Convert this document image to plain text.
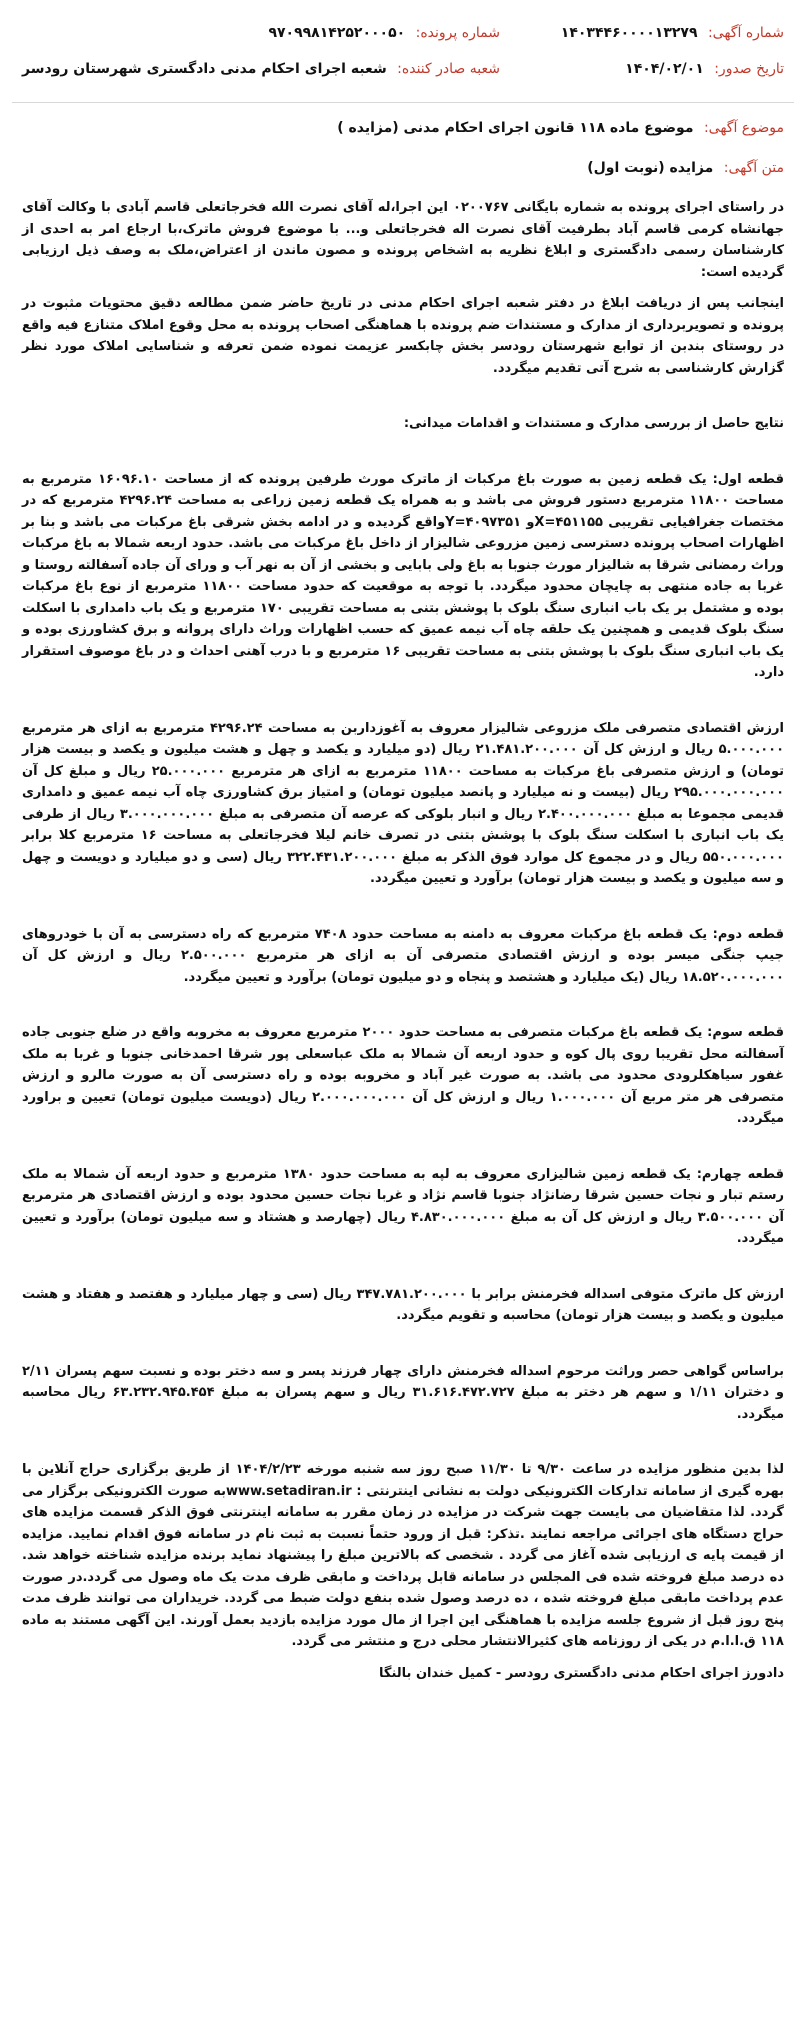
شماره آگهی: ۱۴۰۳۴۴۶۰۰۰۰۱۳۲۷۹
شماره پرونده: ۹۷۰۹۹۸۱۴۲۵۲۰۰۰۵۰
تاریخ صدور: ۱۴۰۴/۰۲/۰۱
شعبه صادر کننده: شعبه اجرای احکام مدنی دادگستری شهرستان رودسر
موضوع آگهی: موضوع ماده ۱۱۸ قانون اجرای احکام مدنی (مزایده )
متن آگهی: مزایده (نوبت اول)

در راستای اجرای پرونده به شماره بایگانی ۰۲۰۰۷۶۷ این اجرا،له آقای نصرت الله فخرجاتعلی قاسم آبادی با وکالت آقای جهانشاه کرمی قاسم آباد بطرفیت آقای نصرت اله فخرجاتعلی و... با موضوع فروش ماترک،با ارجاع امر به احدی از کارشناسان رسمی دادگستری و ابلاغ نظریه به اشخاص پرونده و مصون ماندن از اعتراض،ملک به وصف ذیل ارزیابی گردیده است:

اینجانب پس از دریافت ابلاغ در دفتر شعبه اجرای احکام مدنی در تاریخ حاضر ضمن مطالعه دقیق محتویات مثبوت در پرونده و تصویربرداری از مدارک و مستندات ضم پرونده با هماهنگی اصحاب پرونده به محل وقوع املاک متنازع فیه واقع در روستای بندبن از توابع شهرستان رودسر بخش چابکسر عزیمت نموده ضمن تعرفه و شناسایی املاک مورد نظر گزارش کارشناسی به شرح آتی تقدیم میگردد.

نتایج حاصل از بررسی مدارک و مستندات و اقدامات میدانی:

قطعه اول: یک قطعه زمین به صورت باغ مرکبات از ماترک مورث طرفین پرونده که از مساحت ۱۶۰۹۶.۱۰ مترمربع به مساحت ۱۱۸۰۰ مترمربع دستور فروش می باشد و به همراه یک قطعه زمین زراعی به مساحت ۴۲۹۶.۲۴ مترمربع که در مختصات جغرافیایی تقریبی X=۴۵۱۱۵۵و Y=۴۰۹۷۳۵۱واقع گردیده و در ادامه بخش شرقی باغ مرکبات می باشد و بنا بر اظهارات اصحاب پرونده دسترسی زمین مزروعی شالیزار از داخل باغ مرکبات می باشد. حدود اربعه شمالا به باغ مرکبات وراث رمضانی شرقا به شالیزار مورث جنوبا به باغ ولی بابایی و بخشی از آن به نهر آب و ورای آن جاده آسفالته روستا و غربا به جاده منتهی به چایچان محدود میگردد. با توجه به موقعیت که حدود مساحت ۱۱۸۰۰ مترمربع از نوع باغ مرکبات بوده و مشتمل بر یک باب انباری سنگ بلوک با پوشش بتنی به مساحت تقریبی ۱۷۰ مترمربع و یک باب دامداری با اسکلت سنگ بلوک قدیمی و همچنین یک حلقه چاه آب نیمه عمیق که حسب اظهارات وراث دارای پروانه و برق کشاورزی بوده و یک باب انباری سنگ بلوک با پوشش بتنی به مساحت تقریبی ۱۶ مترمربع و با درب آهنی احداث و در باغ موصوف استقرار دارد.

ارزش اقتصادی متصرفی ملک مزروعی شالیزار معروف به آغوزداربن به مساحت ۴۲۹۶.۲۴ مترمربع به ازای هر مترمربع ۵.۰۰۰.۰۰۰ ریال و ارزش کل آن ۲۱.۴۸۱.۲۰۰.۰۰۰ ریال (دو میلیارد و یکصد و چهل و هشت میلیون و یکصد و بیست هزار تومان) و ارزش متصرفی باغ مرکبات به مساحت ۱۱۸۰۰ مترمربع به ازای هر مترمربع ۲۵.۰۰۰.۰۰۰ ریال و مبلغ کل آن ۲۹۵.۰۰۰.۰۰۰.۰۰۰ ریال (بیست و نه میلیارد و پانصد میلیون تومان) و امتیاز برق کشاورزی چاه آب نیمه عمیق و دامداری قدیمی مجموعا به مبلغ ۲.۴۰۰.۰۰۰.۰۰۰ ریال و انبار بلوکی که عرصه آن متصرفی به مبلغ ۳.۰۰۰.۰۰۰.۰۰۰ ریال از طرفی یک باب انباری با اسکلت سنگ بلوک با پوشش بتنی در تصرف خانم لیلا فخرجاتعلی به مساحت ۱۶ مترمربع کلا برابر ۵۵۰.۰۰۰.۰۰۰ ریال و در مجموع کل موارد فوق الذکر به مبلغ ۳۲۲.۴۳۱.۲۰۰.۰۰۰ ریال (سی و دو میلیارد و دویست و چهل و سه میلیون و یکصد و بیست هزار تومان) برآورد و تعیین میگردد.

قطعه دوم: یک قطعه باغ مرکبات معروف به دامنه به مساحت حدود ۷۴۰۸ مترمربع که راه دسترسی به آن با خودروهای جیپ جنگی میسر بوده و ارزش اقتصادی متصرفی آن به ازای هر مترمربع ۲.۵۰۰.۰۰۰ ریال و ارزش کل آن ۱۸.۵۲۰.۰۰۰.۰۰۰ ریال (یک میلیارد و هشتصد و پنجاه و دو میلیون تومان) برآورد و تعیین میگردد.

قطعه سوم: یک قطعه باغ مرکبات متصرفی به مساحت حدود ۲۰۰۰ مترمربع معروف به مخروبه واقع در ضلع جنوبی جاده آسفالته محل تقریبا روی پال کوه و حدود اربعه آن شمالا به ملک عباسعلی پور شرقا احمدخانی جنوبا و غربا به ملک غفور سیاهکلرودی محدود می باشد. به صورت غیر آباد و مخروبه بوده و راه دسترسی آن به صورت مالرو و ارزش متصرفی هر متر مربع آن ۱.۰۰۰.۰۰۰ ریال و ارزش کل آن ۲.۰۰۰.۰۰۰.۰۰۰ ریال (دویست میلیون تومان) تعیین و براورد میگردد.

قطعه چهارم: یک قطعه زمین شالیزاری معروف به لپه به مساحت حدود ۱۳۸۰ مترمربع و حدود اربعه آن شمالا به ملک رستم تبار و نجات حسین شرقا رضانژاد جنوبا قاسم نژاد و غربا نجات حسین محدود بوده و ارزش اقتصادی هر مترمربع آن ۳.۵۰۰.۰۰۰ ریال و ارزش کل آن به مبلغ ۴.۸۳۰.۰۰۰.۰۰۰ ریال (چهارصد و هشتاد و سه میلیون تومان) برآورد و تعیین میگردد.

ارزش کل ماترک متوفی اسداله فخرمنش برابر با ۳۴۷.۷۸۱.۲۰۰.۰۰۰ ریال (سی و چهار میلیارد و هفتصد و هفتاد و هشت میلیون و یکصد و بیست هزار تومان) محاسبه و تقویم میگردد.

براساس گواهی حصر وراثت مرحوم اسداله فخرمنش دارای چهار فرزند پسر و سه دختر بوده و نسبت سهم پسران ۲/۱۱ و دختران ۱/۱۱ و سهم هر دختر به مبلغ ۳۱.۶۱۶.۴۷۲.۷۲۷ ریال و سهم پسران به مبلغ ۶۳.۲۳۲.۹۴۵.۴۵۴ ریال محاسبه میگردد.

لذا بدین منظور مزایده در ساعت ۹/۳۰ تا ۱۱/۳۰ صبح روز سه شنبه مورخه ۱۴۰۴/۲/۲۳ از طریق برگزاری حراج آنلاین با بهره گیری از سامانه تدارکات الکترونیکی دولت به نشانی اینترنتی : www.setadiran.irبه صورت الکترونیکی برگزار می گردد. لذا متقاضیان می بایست جهت شرکت در مزایده در زمان مقرر به سامانه اینترنتی فوق الذکر قسمت مزایده های حراج دستگاه های اجرائی مراجعه نمایند .تذکر: قبل از ورود حتماً نسبت به ثبت نام در سامانه فوق اقدام نمایید. مزایده از قیمت پایه ی ارزیابی شده آغاز می گردد . شخصی که بالاترین مبلغ را پیشنهاد نماید برنده مزایده شناخته خواهد شد. ده درصد مبلغ فروخته شده فی المجلس در سامانه قابل پرداخت و مابقی ظرف مدت یک ماه وصول می گردد.در صورت عدم پرداخت مابقی مبلغ فروخته شده ، ده درصد وصول شده بنفع دولت ضبط می گردد. خریداران می توانند ظرف مدت پنج روز قبل از شروع جلسه مزایده با هماهنگی این اجرا از مال مورد مزایده بازدید بعمل آورند. این آگهی مستند به ماده ۱۱۸ ق.ا.ا.م در یکی از روزنامه های کثیرالانتشار محلی درج و منتشر می گردد.

دادورز اجرای احکام مدنی دادگستری رودسر - کمیل خندان بالنگا
